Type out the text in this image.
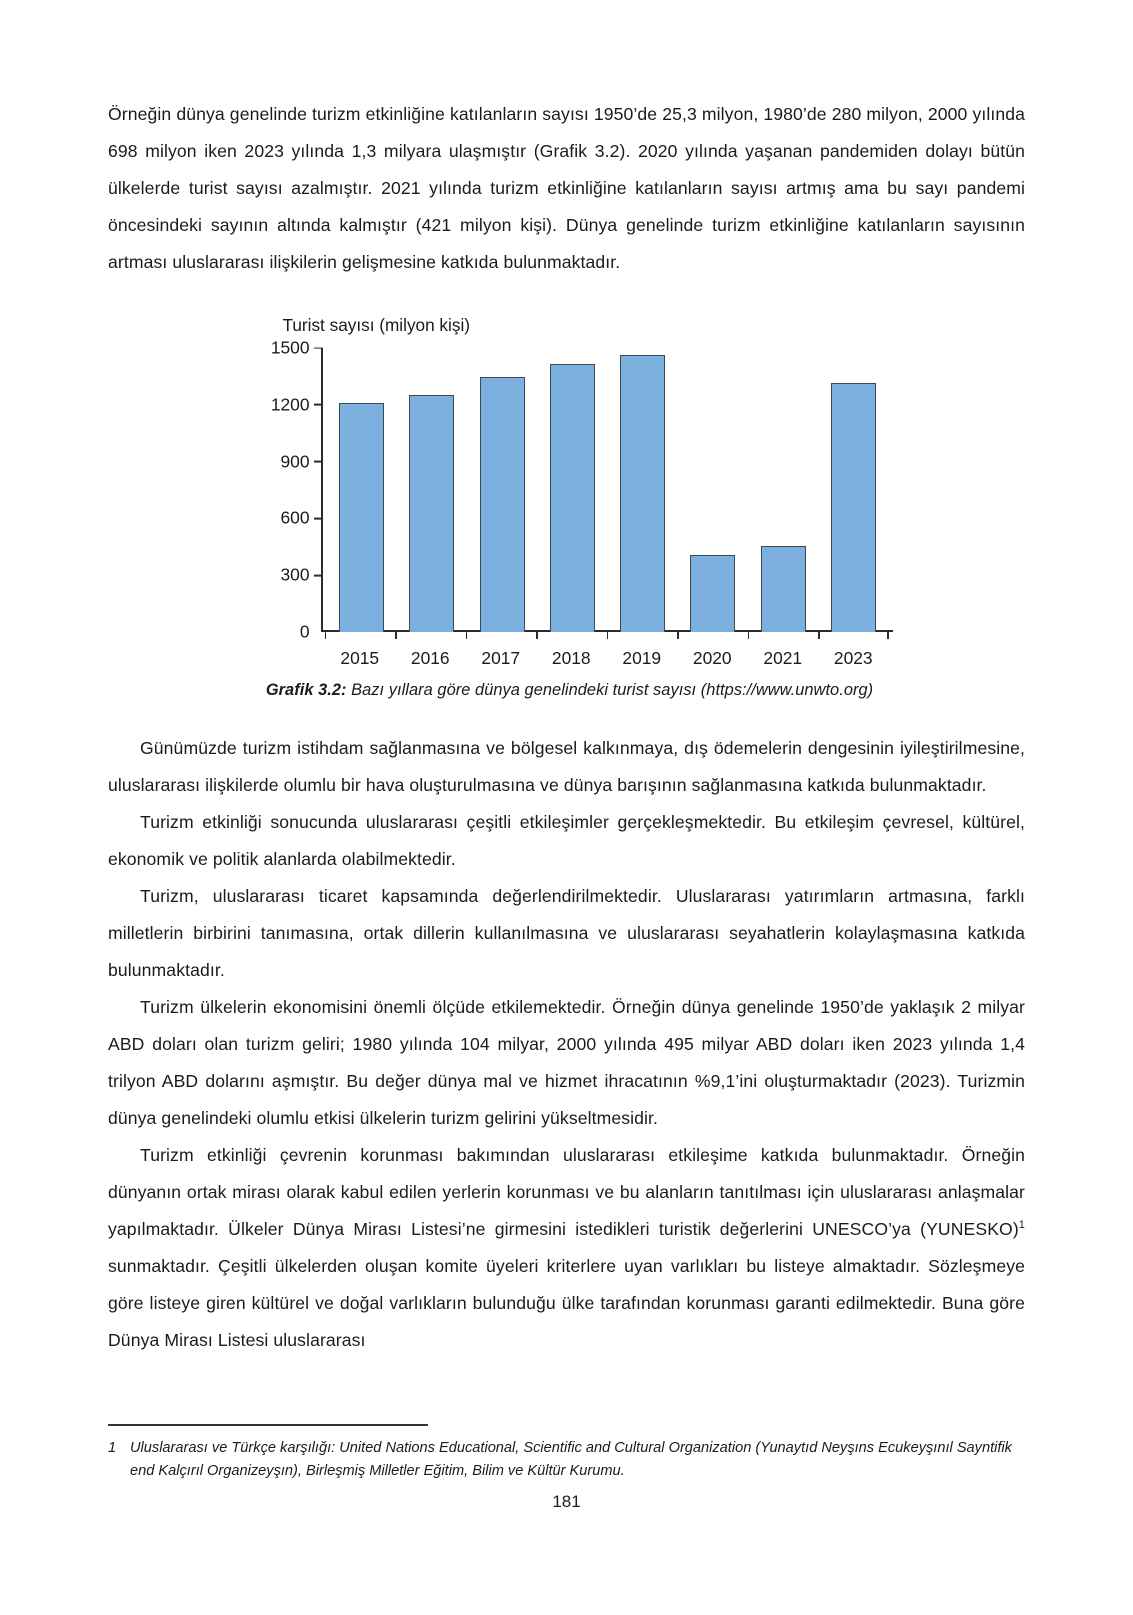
Örneğin dünya genelinde turizm etkinliğine katılanların sayısı 1950’de 25,3 milyon, 1980’de 280 milyon, 2000 yılında 698 milyon iken 2023 yılında 1,3 milyara ulaşmıştır (Grafik 3.2). 2020 yılında yaşanan pandemiden dolayı bütün ülkelerde turist sayısı azalmıştır. 2021 yılında turizm etkinliğine katılanların sayısı artmış ama bu sayı pandemi öncesindeki sayının altında kalmıştır (421 milyon kişi). Dünya genelinde turizm etkinliğine katılanların sayısının artması uluslararası ilişkilerin gelişmesine katkıda bulunmaktadır.

Turist sayısı (milyon kişi)
1500
1200
900
600
300
0
2015	2016	2017	2018	2019	2020	2021	2023
Grafik 3.2: Bazı yıllara göre dünya genelindeki turist sayısı (https://www.unwto.org)

Günümüzde turizm istihdam sağlanmasına ve bölgesel kalkınmaya, dış ödemelerin dengesinin iyileştirilmesine, uluslararası ilişkilerde olumlu bir hava oluşturulmasına ve dünya barışının sağlanmasına katkıda bulunmaktadır.

Turizm etkinliği sonucunda uluslararası çeşitli etkileşimler gerçekleşmektedir. Bu etkileşim çevresel, kültürel, ekonomik ve politik alanlarda olabilmektedir.

Turizm, uluslararası ticaret kapsamında değerlendirilmektedir. Uluslararası yatırımların artmasına, farklı milletlerin birbirini tanımasına, ortak dillerin kullanılmasına ve uluslararası seyahatlerin kolaylaşmasına katkıda bulunmaktadır.

Turizm ülkelerin ekonomisini önemli ölçüde etkilemektedir. Örneğin dünya genelinde 1950’de yaklaşık 2 milyar ABD doları olan turizm geliri; 1980 yılında 104 milyar, 2000 yılında 495 milyar ABD doları iken 2023 yılında 1,4 trilyon ABD dolarını aşmıştır. Bu değer dünya mal ve hizmet ihracatının %9,1’ini oluşturmaktadır (2023). Turizmin dünya genelindeki olumlu etkisi ülkelerin turizm gelirini yükseltmesidir.

Turizm etkinliği çevrenin korunması bakımından uluslararası etkileşime katkıda bulunmaktadır. Örneğin dünyanın ortak mirası olarak kabul edilen yerlerin korunması ve bu alanların tanıtılması için uluslararası anlaşmalar yapılmaktadır. Ülkeler Dünya Mirası Listesi’ne girmesini istedikleri turistik değerlerini UNESCO’ya (YUNESKO)$^1$ sunmaktadır. Çeşitli ülkelerden oluşan komite üyeleri kriterlere uyan varlıkları bu listeye almaktadır. Sözleşmeye göre listeye giren kültürel ve doğal varlıkların bulunduğu ülke tarafından korunması garanti edilmektedir. Buna göre Dünya Mirası Listesi uluslararası

1 Uluslararası ve Türkçe karşılığı: United Nations Educational, Scientific and Cultural Organization (Yunaytıd Neyşıns Ecukeyşınıl Sayntifik end Kalçırıl Organizeyşın), Birleşmiş Milletler Eğitim, Bilim ve Kültür Kurumu.
181
